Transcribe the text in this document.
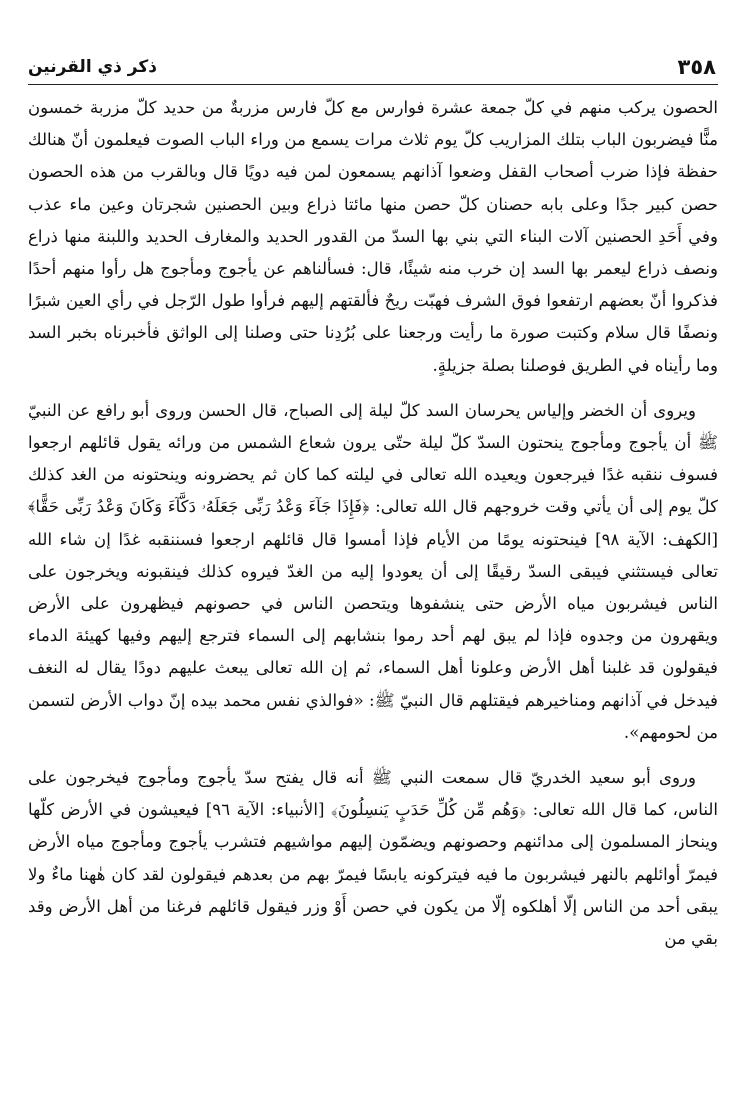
٣٥٨
ذكر ذي القرنين

الحصون يركب منهم في كلّ جمعة عشرة فوارس مع كلّ فارس مزربةٌ من حديد كلّ مزربة خمسون منًّا فيضربون الباب بتلك المزاريب كلّ يوم ثلاث مرات يسمع من وراء الباب الصوت فيعلمون أنّ هنالك حفظة فإذا ضرب أصحاب القفل وضعوا آذانهم يسمعون لمن فيه دويًا قال وبالقرب من هذه الحصون حصن كبير جدًا وعلى بابه حصنان كلّ حصن منها مائتا ذراع وبين الحصنين شجرتان وعين ماء عذب وفي أَحَدِ الحصنين آلات البناء التي بني بها السدّ من القدور الحديد والمغارف الحديد واللبنة منها ذراع ونصف ذراع ليعمر بها السد إن خرب منه شيئًا، قال: فسألناهم عن يأجوج ومأجوج هل رأوا منهم أحدًا فذكروا أنّ بعضهم ارتفعوا فوق الشرف فهبّت ريحٌ فألقتهم إليهم فرأوا طول الرّجل في رأي العين شبرًا ونصفًا قال سلام وكتبت صورة ما رأيت ورجعنا على بُرُدِنا حتى وصلنا إلى الواثق فأخبرناه بخبر السد وما رأيناه في الطريق فوصلنا بصلة جزيلةٍ.

ويروى أن الخضر وإلياس يحرسان السد كلّ ليلة إلى الصباح، قال الحسن وروى أبو رافع عن النبيّ ﷺ أن يأجوج ومأجوج ينحتون السدّ كلّ ليلة حتّى يرون شعاع الشمس من ورائه يقول قائلهم ارجعوا فسوف ننقبه غدًا فيرجعون ويعيده الله تعالى في ليلته كما كان ثم يحضرونه وينحتونه من الغد كذلك كلّ يوم إلى أن يأتي وقت خروجهم قال الله تعالى: ﴿فَإِذَا جَآءَ وَعْدُ رَبِّى جَعَلَهُۥ دَكَّآءَ وَكَانَ وَعْدُ رَبِّى حَقًّا﴾ [الكهف: الآية ٩٨] فينحتونه يومًا من الأيام فإذا أمسوا قال قائلهم ارجعوا فسننقبه غدًا إن شاء الله تعالى فيستثني فيبقى السدّ رقيقًا إلى أن يعودوا إليه من الغدّ فيروه كذلك فينقبونه ويخرجون على الناس فيشربون مياه الأرض حتى ينشفوها ويتحصن الناس في حصونهم فيظهرون على الأرض ويقهرون من وجدوه فإذا لم يبق لهم أحد رموا بنشابهم إلى السماء فترجع إليهم وفيها كهيئة الدماء فيقولون قد غلبنا أهل الأرض وعلونا أهل السماء، ثم إن الله تعالى يبعث عليهم دودًا يقال له النغف فيدخل في آذانهم ومناخيرهم فيقتلهم قال النبيّ ﷺ: «فوالذي نفس محمد بيده إنّ دواب الأرض لتسمن من لحومهم».

وروى أبو سعيد الخدريّ قال سمعت النبي ﷺ أنه قال يفتح سدّ يأجوج ومأجوج فيخرجون على الناس، كما قال الله تعالى: ﴿وَهُم مِّن كُلِّ حَدَبٍ يَنسِلُونَ﴾ [الأنبياء: الآية ٩٦] فيعيشون في الأرض كلّها وينحاز المسلمون إلى مدائنهم وحصونهم ويضمّون إليهم مواشيهم فتشرب يأجوج ومأجوج مياه الأرض فيمرّ أوائلهم بالنهر فيشربون ما فيه فيتركونه يابسًا فيمرّ بهم من بعدهم فيقولون لقد كان هٰهنا ماءٌ ولا يبقى أحد من الناس إلّا أهلكوه إلّا من يكون في حصن أَوْ وزر فيقول قائلهم فرغنا من أهل الأرض وقد بقي من
